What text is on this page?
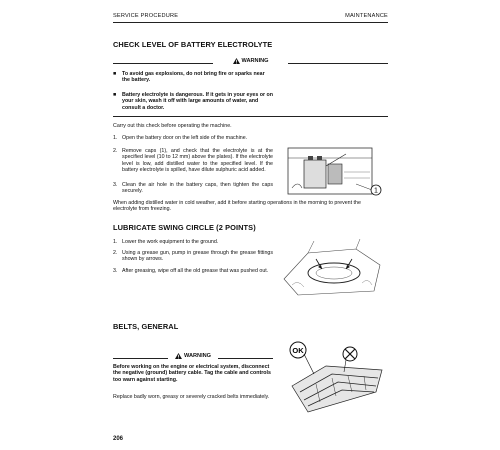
SERVICE PROCEDURE	MAINTENANCE
CHECK LEVEL OF BATTERY ELECTROLYTE
WARNING
■ To avoid gas explosions, do not bring fire or sparks near the battery.
■ Battery electrolyte is dangerous. If it gets in your eyes or on your skin, wash it off with large amounts of water, and consult a doctor.
Carry out this check before operating the machine.
1. Open the battery door on the left side of the machine.
2. Remove caps (1), and check that the electrolyte is at the specified level (10 to 12 mm) above the plates). If the electrolyte level is low, add distilled water to the specified level. If the battery electrolyte is spilled, have dilute sulphuric acid added.
3. Clean the air hole in the battery caps, then tighten the caps securely.	1
When adding distilled water in cold weather, add it before starting operations in the morning to prevent the electrolyte from freezing.
LUBRICATE SWING CIRCLE (2 POINTS)
1. Lower the work equipment to the ground.
2. Using a grease gun, pump in grease through the grease fittings shown by arrows.
3. After greasing, wipe off all the old grease that was pushed out.
BELTS, GENERAL
WARNING
Before working on the engine or electrical system, disconnect the negative (ground) battery cable. Tag the cable and controls too warn against starting.
OK
Replace badly worn, greasy or severely cracked belts immediately.
206
